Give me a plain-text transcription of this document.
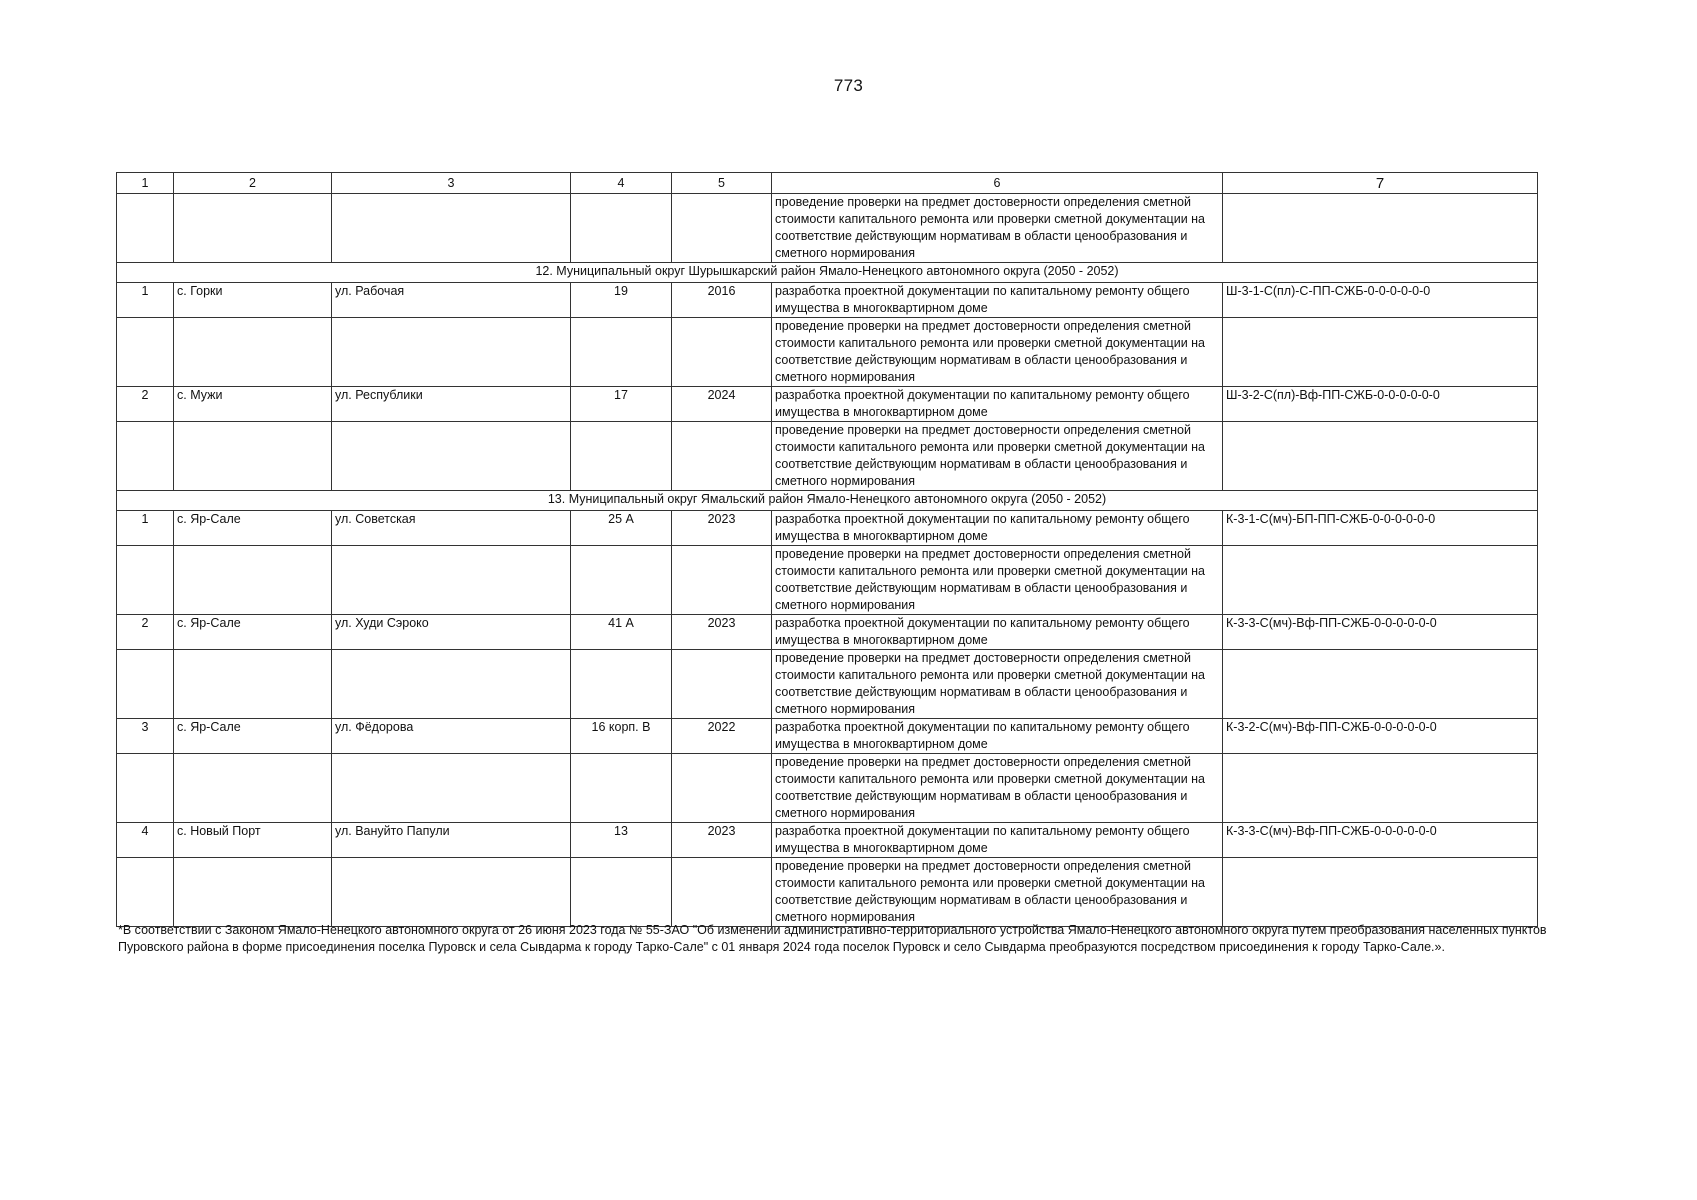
773
1	2	3	4	5	6	7
					проведение проверки на предмет достоверности определения сметной стоимости капитального ремонта или проверки сметной документации на соответствие действующим нормативам в области ценообразования и сметного нормирования	
12. Муниципальный округ Шурышкарский район Ямало-Ненецкого автономного округа (2050 - 2052)						
1	с. Горки	ул. Рабочая	19	2016	разработка проектной документации по капитальному ремонту общего имущества в многоквартирном доме	Ш-3-1-С(пл)-С-ПП-СЖБ-0-0-0-0-0-0
					проведение проверки на предмет достоверности определения сметной стоимости капитального ремонта или проверки сметной документации на соответствие действующим нормативам в области ценообразования и сметного нормирования	
2	с. Мужи	ул. Республики	17	2024	разработка проектной документации по капитальному ремонту общего имущества в многоквартирном доме	Ш-3-2-С(пл)-Вф-ПП-СЖБ-0-0-0-0-0-0
					проведение проверки на предмет достоверности определения сметной стоимости капитального ремонта или проверки сметной документации на соответствие действующим нормативам в области ценообразования и сметного нормирования	
13. Муниципальный округ Ямальский район Ямало-Ненецкого автономного округа (2050 - 2052)						
1	с. Яр-Сале	ул. Советская	25 А	2023	разработка проектной документации по капитальному ремонту общего имущества в многоквартирном доме	К-3-1-С(мч)-БП-ПП-СЖБ-0-0-0-0-0-0
					проведение проверки на предмет достоверности определения сметной стоимости капитального ремонта или проверки сметной документации на соответствие действующим нормативам в области ценообразования и сметного нормирования	
2	с. Яр-Сале	ул. Худи Сэроко	41 А	2023	разработка проектной документации по капитальному ремонту общего имущества в многоквартирном доме	К-3-3-С(мч)-Вф-ПП-СЖБ-0-0-0-0-0-0
					проведение проверки на предмет достоверности определения сметной стоимости капитального ремонта или проверки сметной документации на соответствие действующим нормативам в области ценообразования и сметного нормирования	
3	с. Яр-Сале	ул. Фёдорова	16 корп. В	2022	разработка проектной документации по капитальному ремонту общего имущества в многоквартирном доме	К-3-2-С(мч)-Вф-ПП-СЖБ-0-0-0-0-0-0
					проведение проверки на предмет достоверности определения сметной стоимости капитального ремонта или проверки сметной документации на соответствие действующим нормативам в области ценообразования и сметного нормирования	
4	с. Новый Порт	ул. Вануйто Папули	13	2023	разработка проектной документации по капитальному ремонту общего имущества в многоквартирном доме	К-3-3-С(мч)-Вф-ПП-СЖБ-0-0-0-0-0-0
					проведение проверки на предмет достоверности определения сметной стоимости капитального ремонта или проверки сметной документации на соответствие действующим нормативам в области ценообразования и сметного нормирования	
*В соответствии с Законом Ямало-Ненецкого автономного округа от 26 июня 2023 года № 55-ЗАО "Об изменении административно-территориального устройства Ямало-Ненецкого автономного округа путем преобразования населенных пунктов Пуровского района в форме присоединения поселка Пуровск и села Сывдарма к городу Тарко-Сале" с 01 января 2024 года поселок Пуровск и село Сывдарма преобразуются посредством присоединения к городу Тарко-Сале.».
